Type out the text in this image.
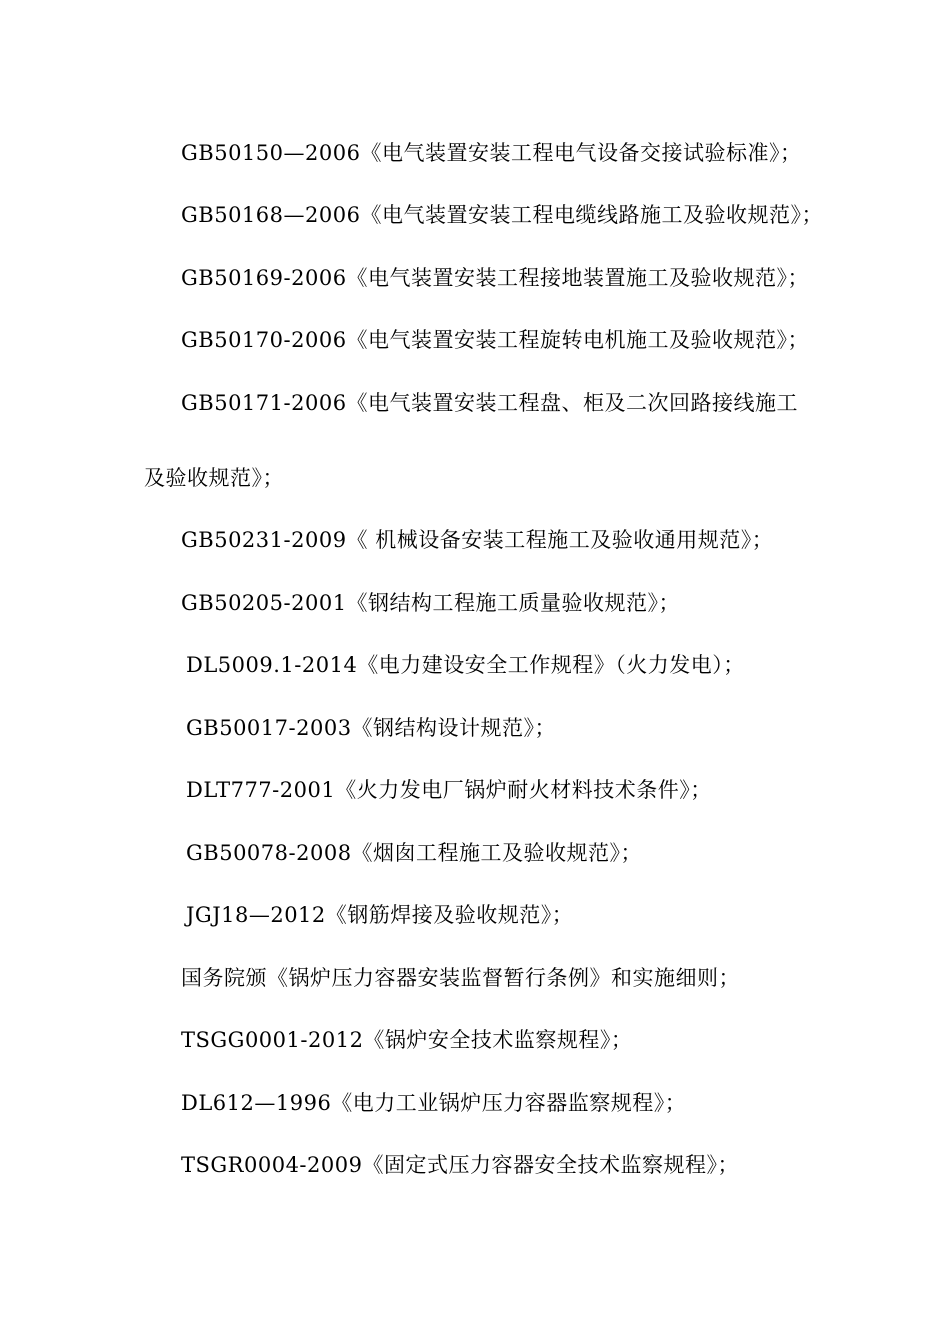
GB50150—2006《电气装置安装工程电气设备交接试验标准》；
GB50168—2006《电气装置安装工程电缆线路施工及验收规范》；
GB50169-2006《电气装置安装工程接地装置施工及验收规范》；
GB50170-2006《电气装置安装工程旋转电机施工及验收规范》；
GB50171-2006《电气装置安装工程盘、柜及二次回路接线施工
及验收规范》；
GB50231-2009《 机械设备安装工程施工及验收通用规范》；
GB50205-2001《钢结构工程施工质量验收规范》；
DL5009.1-2014《电力建设安全工作规程》（火力发电）；
GB50017-2003《钢结构设计规范》；
DLT777-2001《火力发电厂锅炉耐火材料技术条件》；
GB50078-2008《烟囱工程施工及验收规范》；
JGJ18—2012《钢筋焊接及验收规范》；
国务院颁《锅炉压力容器安装监督暂行条例》和实施细则；
TSGG0001-2012《锅炉安全技术监察规程》；
DL612—1996《电力工业锅炉压力容器监察规程》；
TSGR0004-2009《固定式压力容器安全技术监察规程》；
